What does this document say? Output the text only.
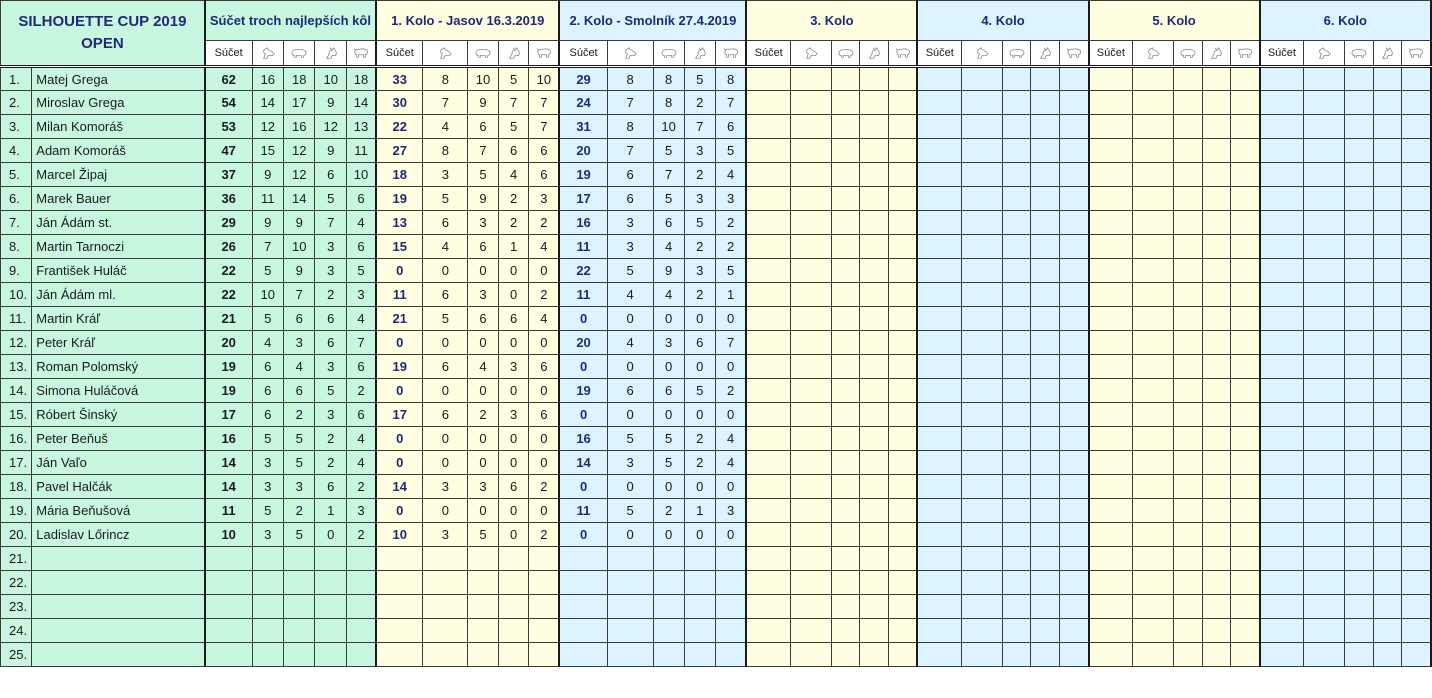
SILHOUETTE CUP 2019
OPEN		Súčet troch najlepších kôl					1. Kolo - Jasov 16.3.2019					2. Kolo - Smolník 27.4.2019					3. Kolo					4. Kolo					5. Kolo					6. Kolo				
		Súčet					Súčet					Súčet					Súčet					Súčet					Súčet					Súčet	

1.	Matej Grega	62	16	18	10	18	33	8	10	5	10	29	8	8	5	8																				
2.	Miroslav Grega	54	14	17	9	14	30	7	9	7	7	24	7	8	2	7																				
3.	Milan Komoráš	53	12	16	12	13	22	4	6	5	7	31	8	10	7	6																				
4.	Adam Komoráš	47	15	12	9	11	27	8	7	6	6	20	7	5	3	5																				
5.	Marcel Žipaj	37	9	12	6	10	18	3	5	4	6	19	6	7	2	4																				
6.	Marek Bauer	36	11	14	5	6	19	5	9	2	3	17	6	5	3	3																				
7.	Ján Ádám st.	29	9	9	7	4	13	6	3	2	2	16	3	6	5	2																				
8.	Martin Tarnoczi	26	7	10	3	6	15	4	6	1	4	11	3	4	2	2																				
9.	František Huláč	22	5	9	3	5	0	0	0	0	0	22	5	9	3	5																				
10.	Ján Ádám ml.	22	10	7	2	3	11	6	3	0	2	11	4	4	2	1																				
11.	Martin Kráľ	21	5	6	6	4	21	5	6	6	4	0	0	0	0	0																				
12.	Peter Kráľ	20	4	3	6	7	0	0	0	0	0	20	4	3	6	7																				
13.	Roman Polomský	19	6	4	3	6	19	6	4	3	6	0	0	0	0	0																				
14.	Simona Huláčová	19	6	6	5	2	0	0	0	0	0	19	6	6	5	2																				
15.	Róbert Šinský	17	6	2	3	6	17	6	2	3	6	0	0	0	0	0																				
16.	Peter Beňuš	16	5	5	2	4	0	0	0	0	0	16	5	5	2	4																				
17.	Ján Vaľo	14	3	5	2	4	0	0	0	0	0	14	3	5	2	4																				
18.	Pavel Halčák	14	3	3	6	2	14	3	3	6	2	0	0	0	0	0																				
19.	Mária Beňušová	11	5	2	1	3	0	0	0	0	0	11	5	2	1	3																				
20.	Ladislav Lőrincz	10	3	5	0	2	10	3	5	0	2	0	0	0	0	0																				
21.																																				
22.																																				
23.																																				
24.																																				
25.																																				
